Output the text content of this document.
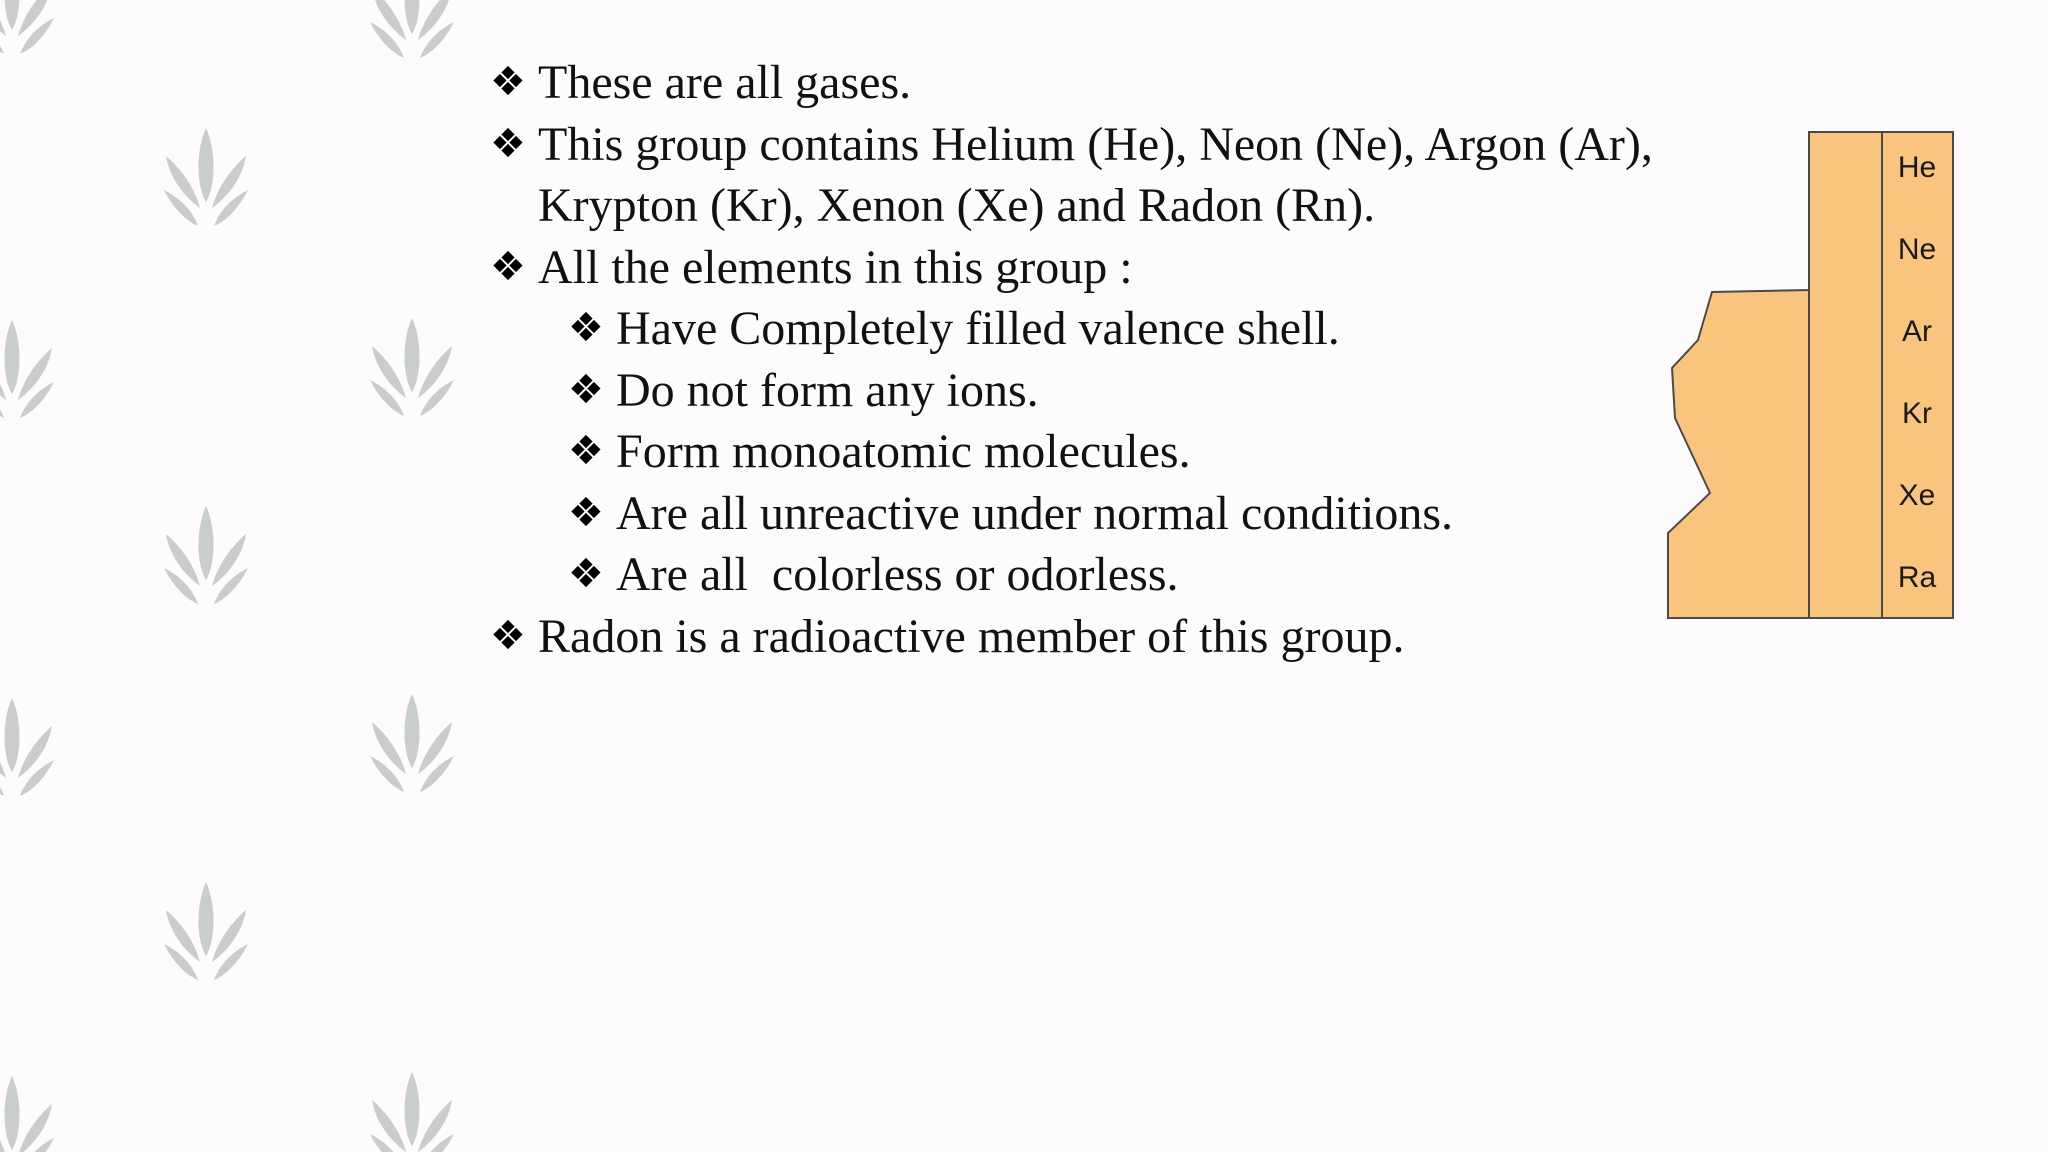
❖ These are all gases.
❖ This group contains Helium (He), Neon (Ne), Argon (Ar), Krypton (Kr), Xenon (Xe) and Radon (Rn).
❖ All the elements in this group :
❖ Have Completely filled valence shell.
❖ Do not form any ions.
❖ Form monoatomic molecules.
❖ Are all unreactive under normal conditions.
❖ Are all  colorless or odorless.
❖ Radon is a radioactive member of this group.
He
Ne
Ar
Kr
Xe
Ra
